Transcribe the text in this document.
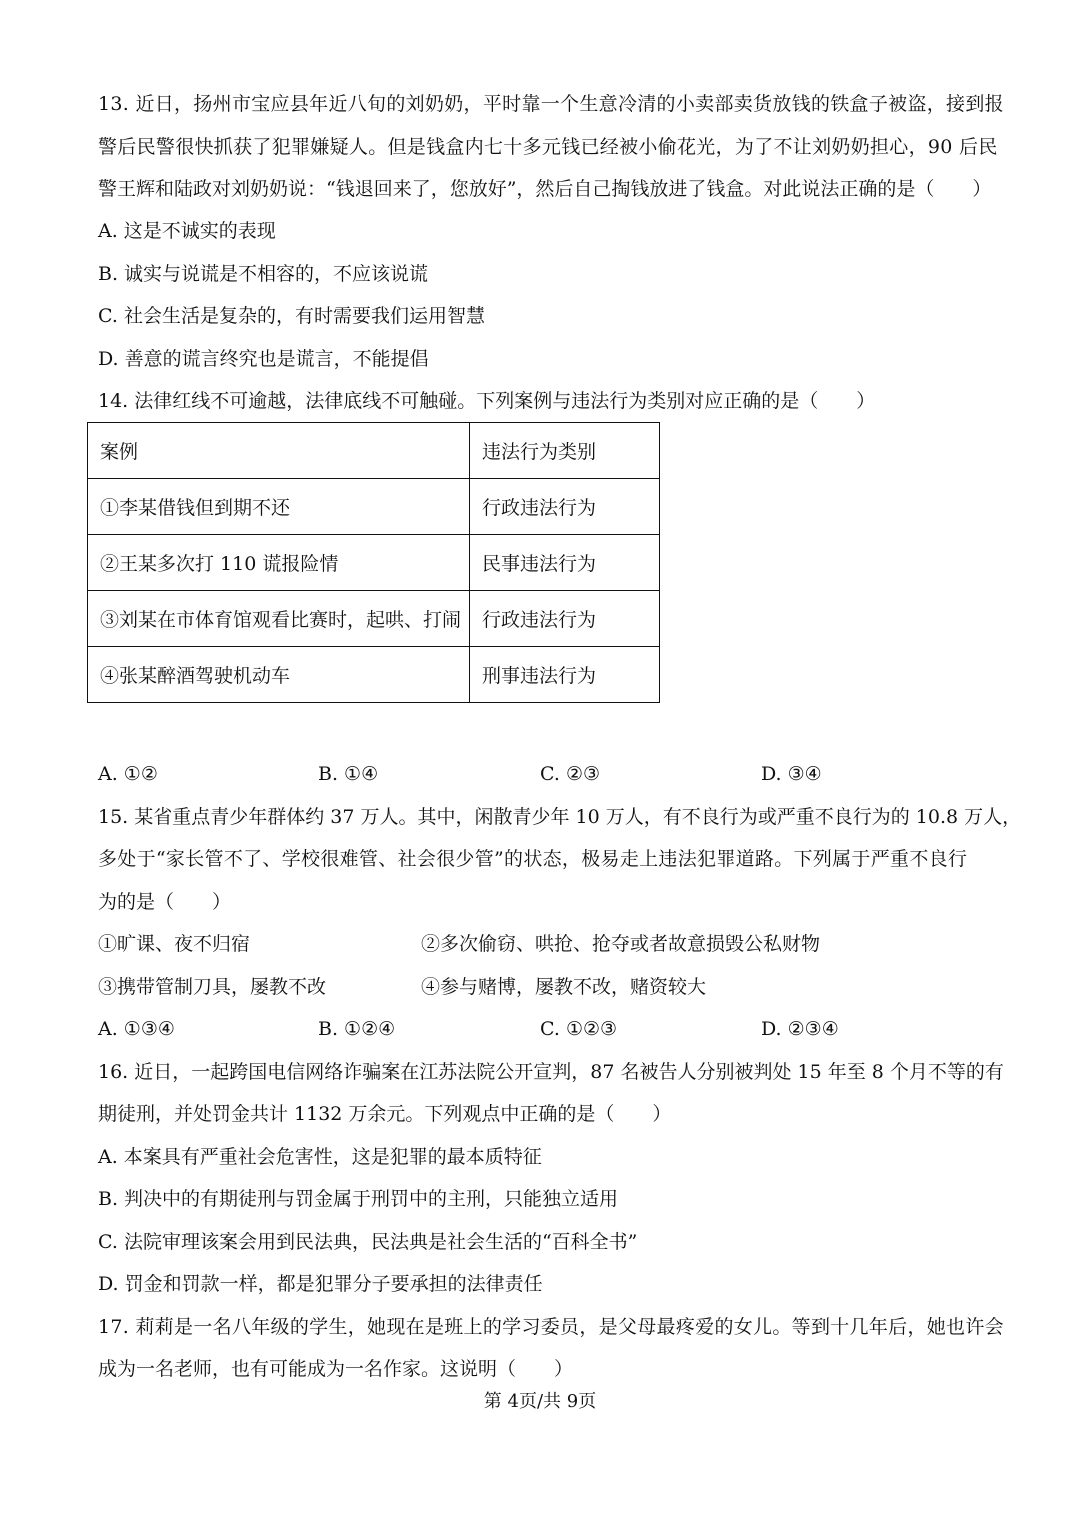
13. 近日，扬州市宝应县年近八旬的刘奶奶，平时靠一个生意冷清的小卖部卖货放钱的铁盒子被盗，接到报
警后民警很快抓获了犯罪嫌疑人。但是钱盒内七十多元钱已经被小偷花光，为了不让刘奶奶担心，90 后民
警王辉和陆政对刘奶奶说：“钱退回来了，您放好”，然后自己掏钱放进了钱盒。对此说法正确的是（　　）
A. 这是不诚实的表现
B. 诚实与说谎是不相容的，不应该说谎
C. 社会生活是复杂的，有时需要我们运用智慧
D. 善意的谎言终究也是谎言，不能提倡
14. 法律红线不可逾越，法律底线不可触碰。下列案例与违法行为类别对应正确的是（　　）
案例	违法行为类别
①李某借钱但到期不还	行政违法行为
②王某多次打 110 谎报险情	民事违法行为
③刘某在市体育馆观看比赛时，起哄、打闹	行政违法行为
④张某醉酒驾驶机动车	刑事违法行为
A. ①②	B. ①④	C. ②③	D. ③④
15. 某省重点青少年群体约 37 万人。其中，闲散青少年 10 万人，有不良行为或严重不良行为的 10.8 万人，
多处于“家长管不了、学校很难管、社会很少管”的状态，极易走上违法犯罪道路。下列属于严重不良行
为的是（　　）
①旷课、夜不归宿	②多次偷窃、哄抢、抢夺或者故意损毁公私财物
③携带管制刀具，屡教不改	④参与赌博，屡教不改，赌资较大
A. ①③④	B. ①②④	C. ①②③	D. ②③④
16. 近日，一起跨国电信网络诈骗案在江苏法院公开宣判，87 名被告人分别被判处 15 年至 8 个月不等的有
期徒刑，并处罚金共计 1132 万余元。下列观点中正确的是（　　）
A. 本案具有严重社会危害性，这是犯罪的最本质特征
B. 判决中的有期徒刑与罚金属于刑罚中的主刑，只能独立适用
C. 法院审理该案会用到民法典，民法典是社会生活的“百科全书”
D. 罚金和罚款一样，都是犯罪分子要承担的法律责任
17. 莉莉是一名八年级的学生，她现在是班上的学习委员，是父母最疼爱的女儿。等到十几年后，她也许会
成为一名老师，也有可能成为一名作家。这说明（　　）
第 4页/共 9页
